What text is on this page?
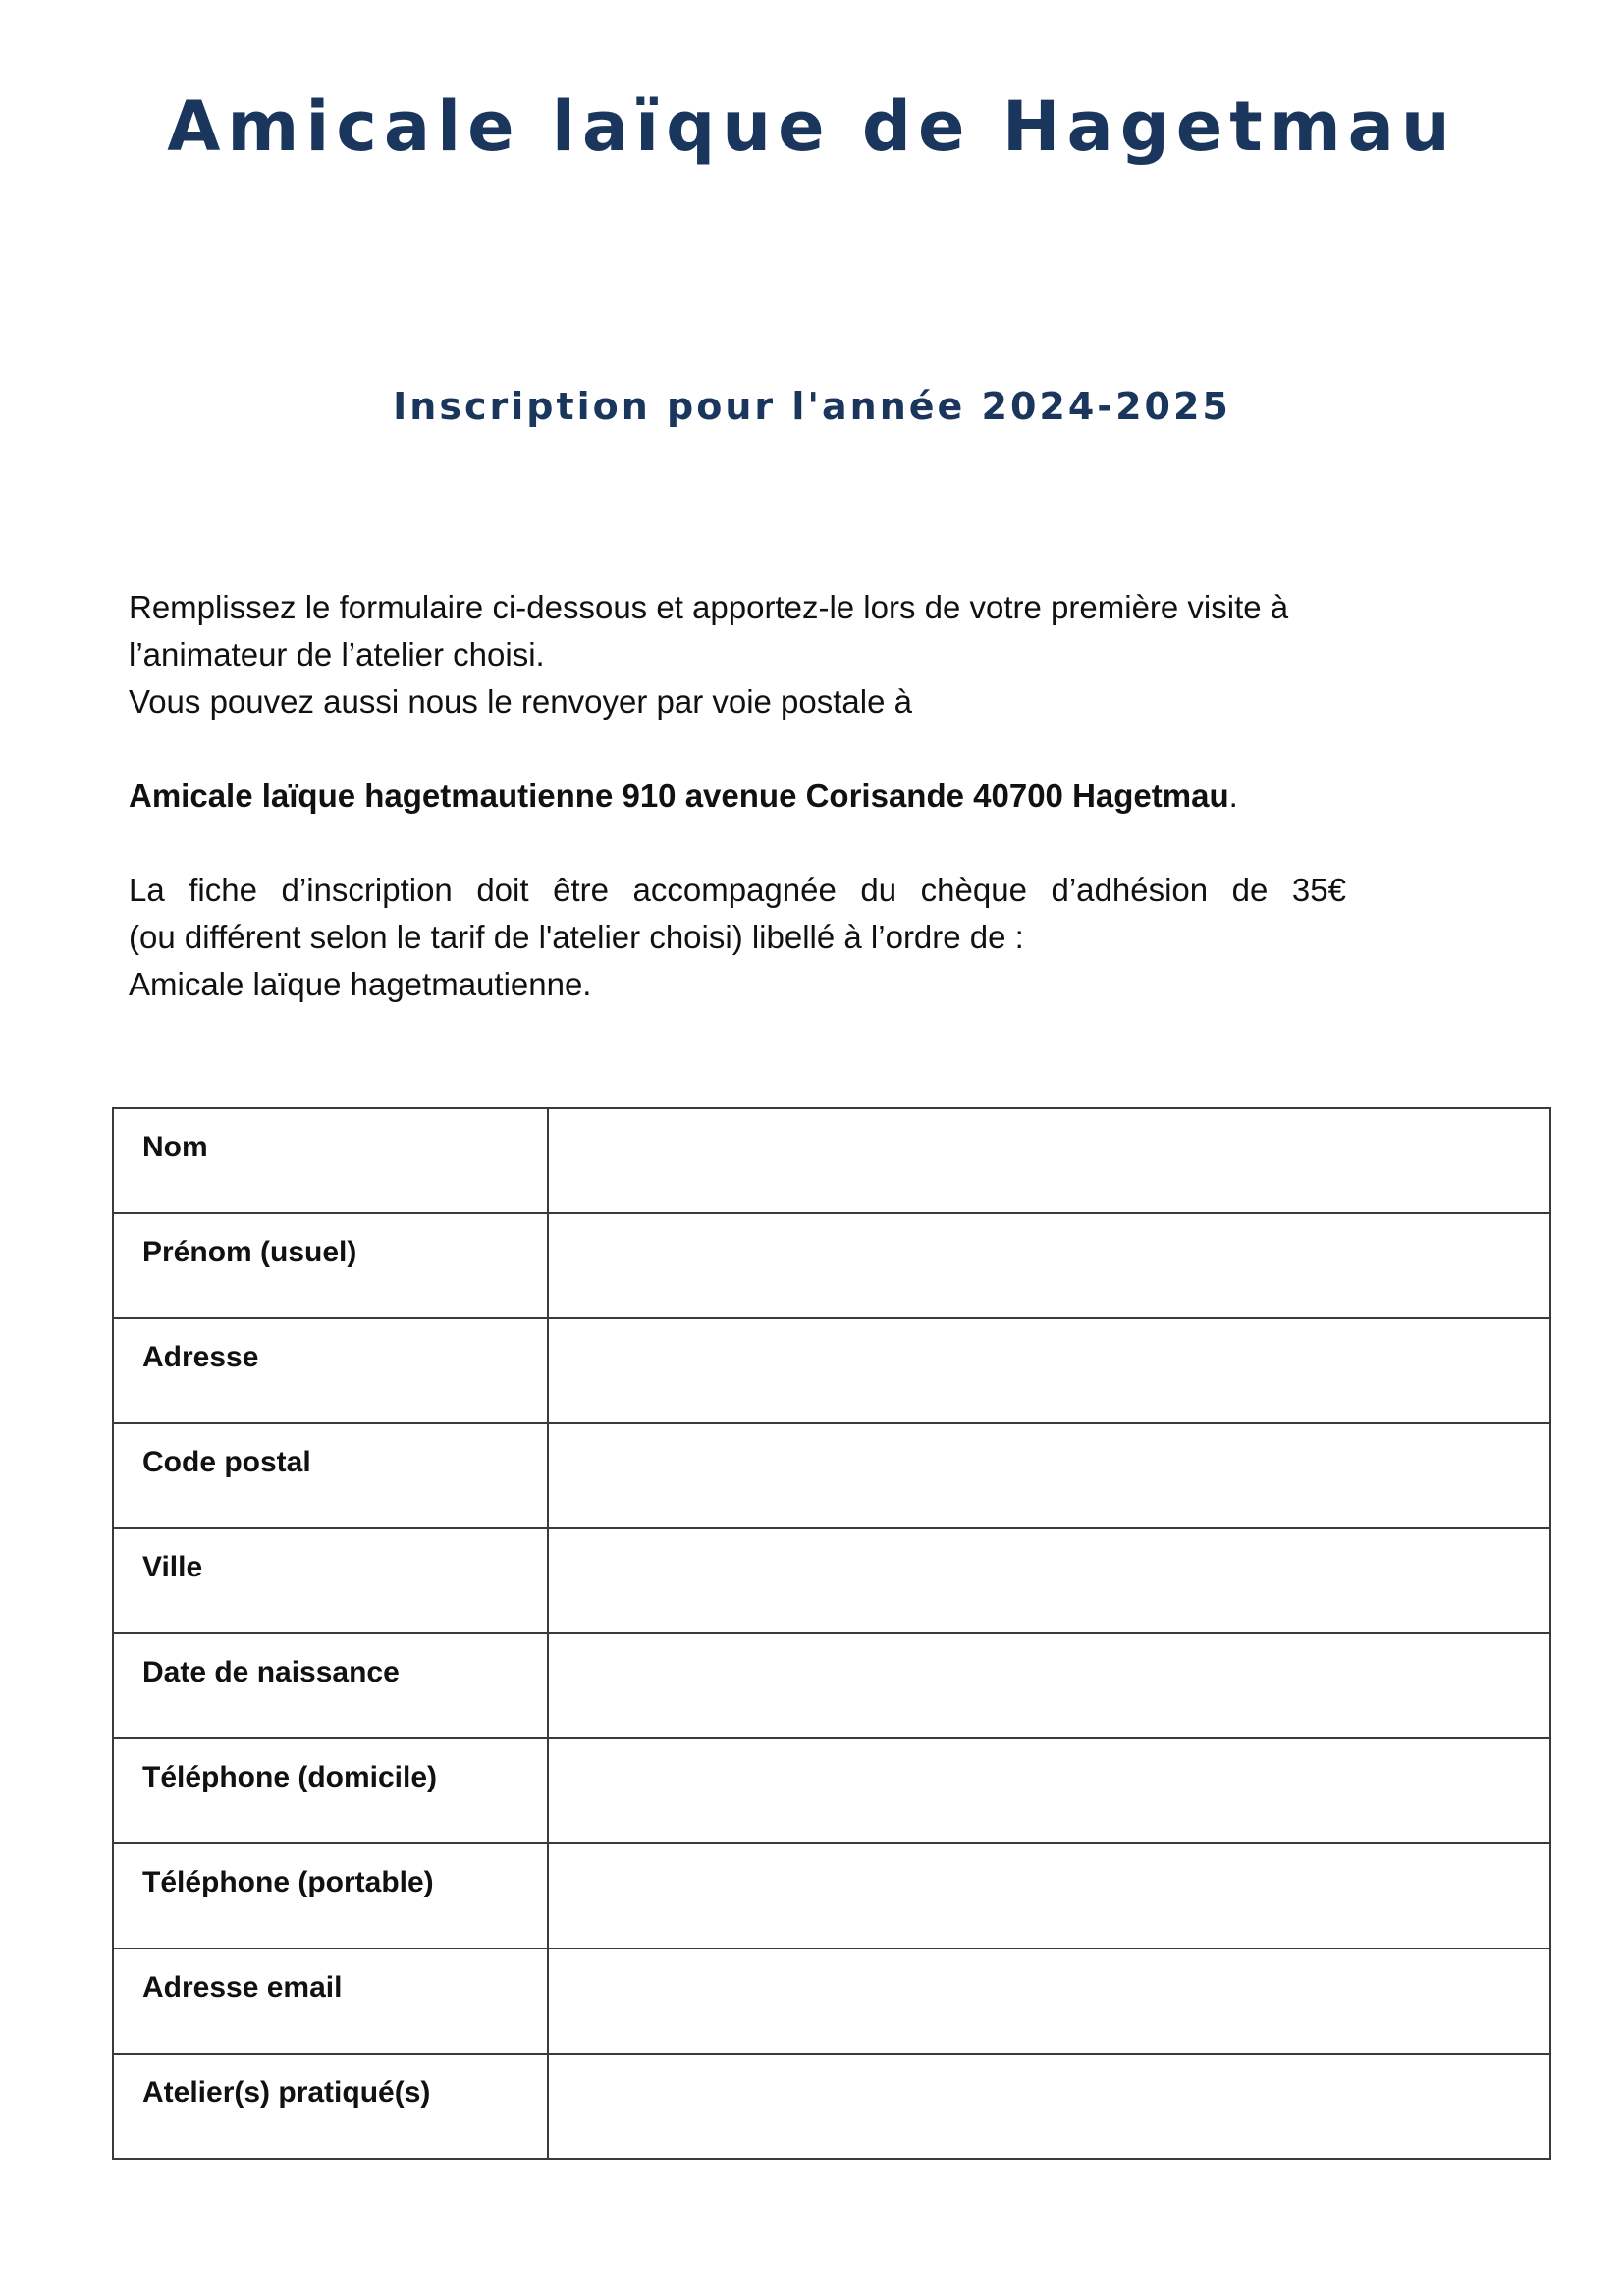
Amicale laïque de Hagetmau
Inscription pour l'année 2024-2025

Remplissez le formulaire ci-dessous et apportez-le lors de votre première visite à

l’animateur de l’atelier choisi.

Vous pouvez aussi nous le renvoyer par voie postale à

Amicale laïque hagetmautienne 910 avenue Corisande 40700 Hagetmau.

La fiche d’inscription doit être accompagnée du chèque d’adhésion de 35€

(ou différent selon le tarif de l'atelier choisi) libellé à l’ordre de :

Amicale laïque hagetmautienne.

Nom	
Prénom (usuel)	
Adresse	
Code postal	
Ville	
Date de naissance	
Téléphone (domicile)	
Téléphone (portable)	
Adresse email	
Atelier(s) pratiqué(s)	
